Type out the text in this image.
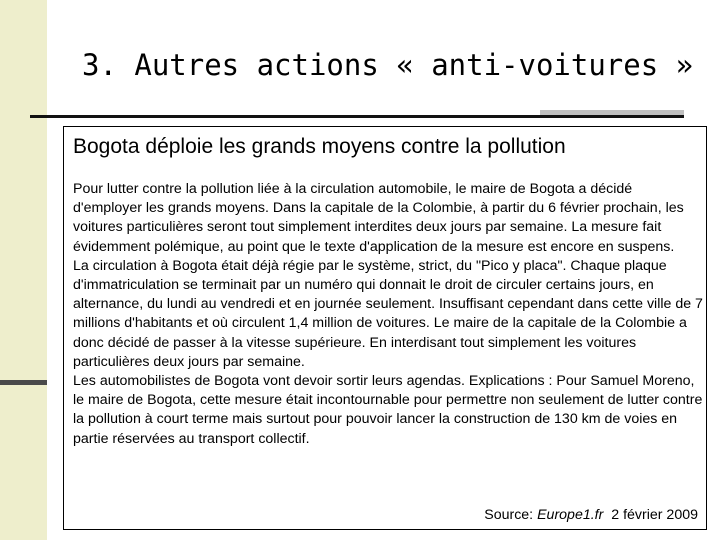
3. Autres actions « anti-voitures »
Bogota déploie les grands moyens contre la pollution

Pour lutter contre la pollution liée à la circulation automobile, le maire de Bogota a décidé d'employer les grands moyens. Dans la capitale de la Colombie, à partir du 6 février prochain, les voitures particulières seront tout simplement interdites deux jours par semaine. La mesure fait évidemment polémique, au point que le texte d'application de la mesure est encore en suspens.

La circulation à Bogota était déjà régie par le système, strict, du "Pico y placa". Chaque plaque d'immatriculation se terminait par un numéro qui donnait le droit de circuler certains jours, en alternance, du lundi au vendredi et en journée seulement. Insuffisant cependant dans cette ville de 7 millions d'habitants et où circulent 1,4 million de voitures. Le maire de la capitale de la Colombie a donc décidé de passer à la vitesse supérieure. En interdisant tout simplement les voitures particulières deux jours par semaine.

Les automobilistes de Bogota vont devoir sortir leurs agendas. Explications : Pour Samuel Moreno, le maire de Bogota, cette mesure était incontournable pour permettre non seulement de lutter contre la pollution à court terme mais surtout pour pouvoir lancer la construction de 130 km de voies en partie réservées au transport collectif.

Source: Europe1.fr 2 février 2009
